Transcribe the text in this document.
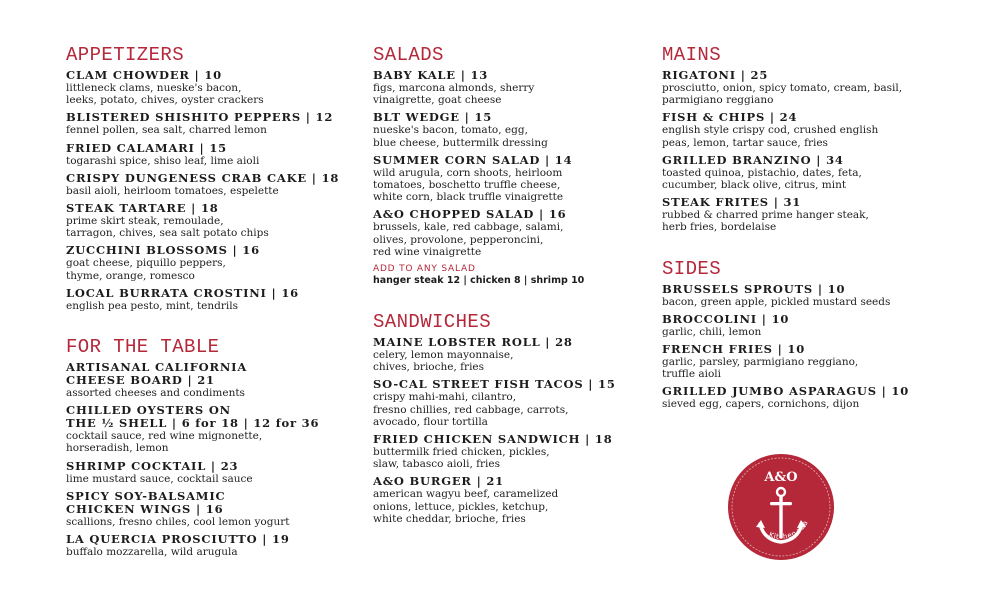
APPETIZERS
CLAM CHOWDER | 10
littleneck clams, nueske's bacon,
leeks, potato, chives, oyster crackers
BLISTERED SHISHITO PEPPERS | 12
fennel pollen, sea salt, charred lemon
FRIED CALAMARI | 15
togarashi spice, shiso leaf, lime aioli
CRISPY DUNGENESS CRAB CAKE | 18
basil aioli, heirloom tomatoes, espelette
STEAK TARTARE | 18
prime skirt steak, remoulade,
tarragon, chives, sea salt potato chips
ZUCCHINI BLOSSOMS | 16
goat cheese, piquillo peppers,
thyme, orange, romesco
LOCAL BURRATA CROSTINI | 16
english pea pesto, mint, tendrils
FOR THE TABLE
ARTISANAL CALIFORNIA
CHEESE BOARD | 21
assorted cheeses and condiments
CHILLED OYSTERS ON
THE ½ SHELL | 6 for 18 | 12 for 36
cocktail sauce, red wine mignonette,
horseradish, lemon
SHRIMP COCKTAIL | 23
lime mustard sauce, cocktail sauce
SPICY SOY-BALSAMIC
CHICKEN WINGS | 16
scallions, fresno chiles, cool lemon yogurt
LA QUERCIA PROSCIUTTO | 19
buffalo mozzarella, wild arugula
SALADS
BABY KALE | 13
figs, marcona almonds, sherry
vinaigrette, goat cheese
BLT WEDGE | 15
nueske's bacon, tomato, egg,
blue cheese, buttermilk dressing
SUMMER CORN SALAD | 14
wild arugula, corn shoots, heirloom
tomatoes, boschetto truffle cheese,
white corn, black truffle vinaigrette
A&O CHOPPED SALAD | 16
brussels, kale, red cabbage, salami,
olives, provolone, pepperoncini,
red wine vinaigrette
ADD TO ANY SALAD
hanger steak 12 | chicken 8 | shrimp 10
SANDWICHES
MAINE LOBSTER ROLL | 28
celery, lemon mayonnaise,
chives, brioche, fries
SO-CAL STREET FISH TACOS | 15
crispy mahi-mahi, cilantro,
fresno chillies, red cabbage, carrots,
avocado, flour tortilla
FRIED CHICKEN SANDWICH | 18
buttermilk fried chicken, pickles,
slaw, tabasco aioli, fries
A&O BURGER | 21
american wagyu beef, caramelized
onions, lettuce, pickles, ketchup,
white cheddar, brioche, fries
MAINS
RIGATONI | 25
prosciutto, onion, spicy tomato, cream, basil,
parmigiano reggiano
FISH & CHIPS | 24
english style crispy cod, crushed english
peas, lemon, tartar sauce, fries
GRILLED BRANZINO | 34
toasted quinoa, pistachio, dates, feta,
cucumber, black olive, citrus, mint
STEAK FRITES | 31
rubbed & charred prime hanger steak,
herb fries, bordelaise
SIDES
BRUSSELS SPROUTS | 10
bacon, green apple, pickled mustard seeds
BROCCOLINI | 10
garlic, chili, lemon
FRENCH FRIES | 10
garlic, parsley, parmigiano reggiano,
truffle aioli
GRILLED JUMBO ASPARAGUS | 10
sieved egg, capers, cornichons, dijon
A&O
Kitchen+Ba
